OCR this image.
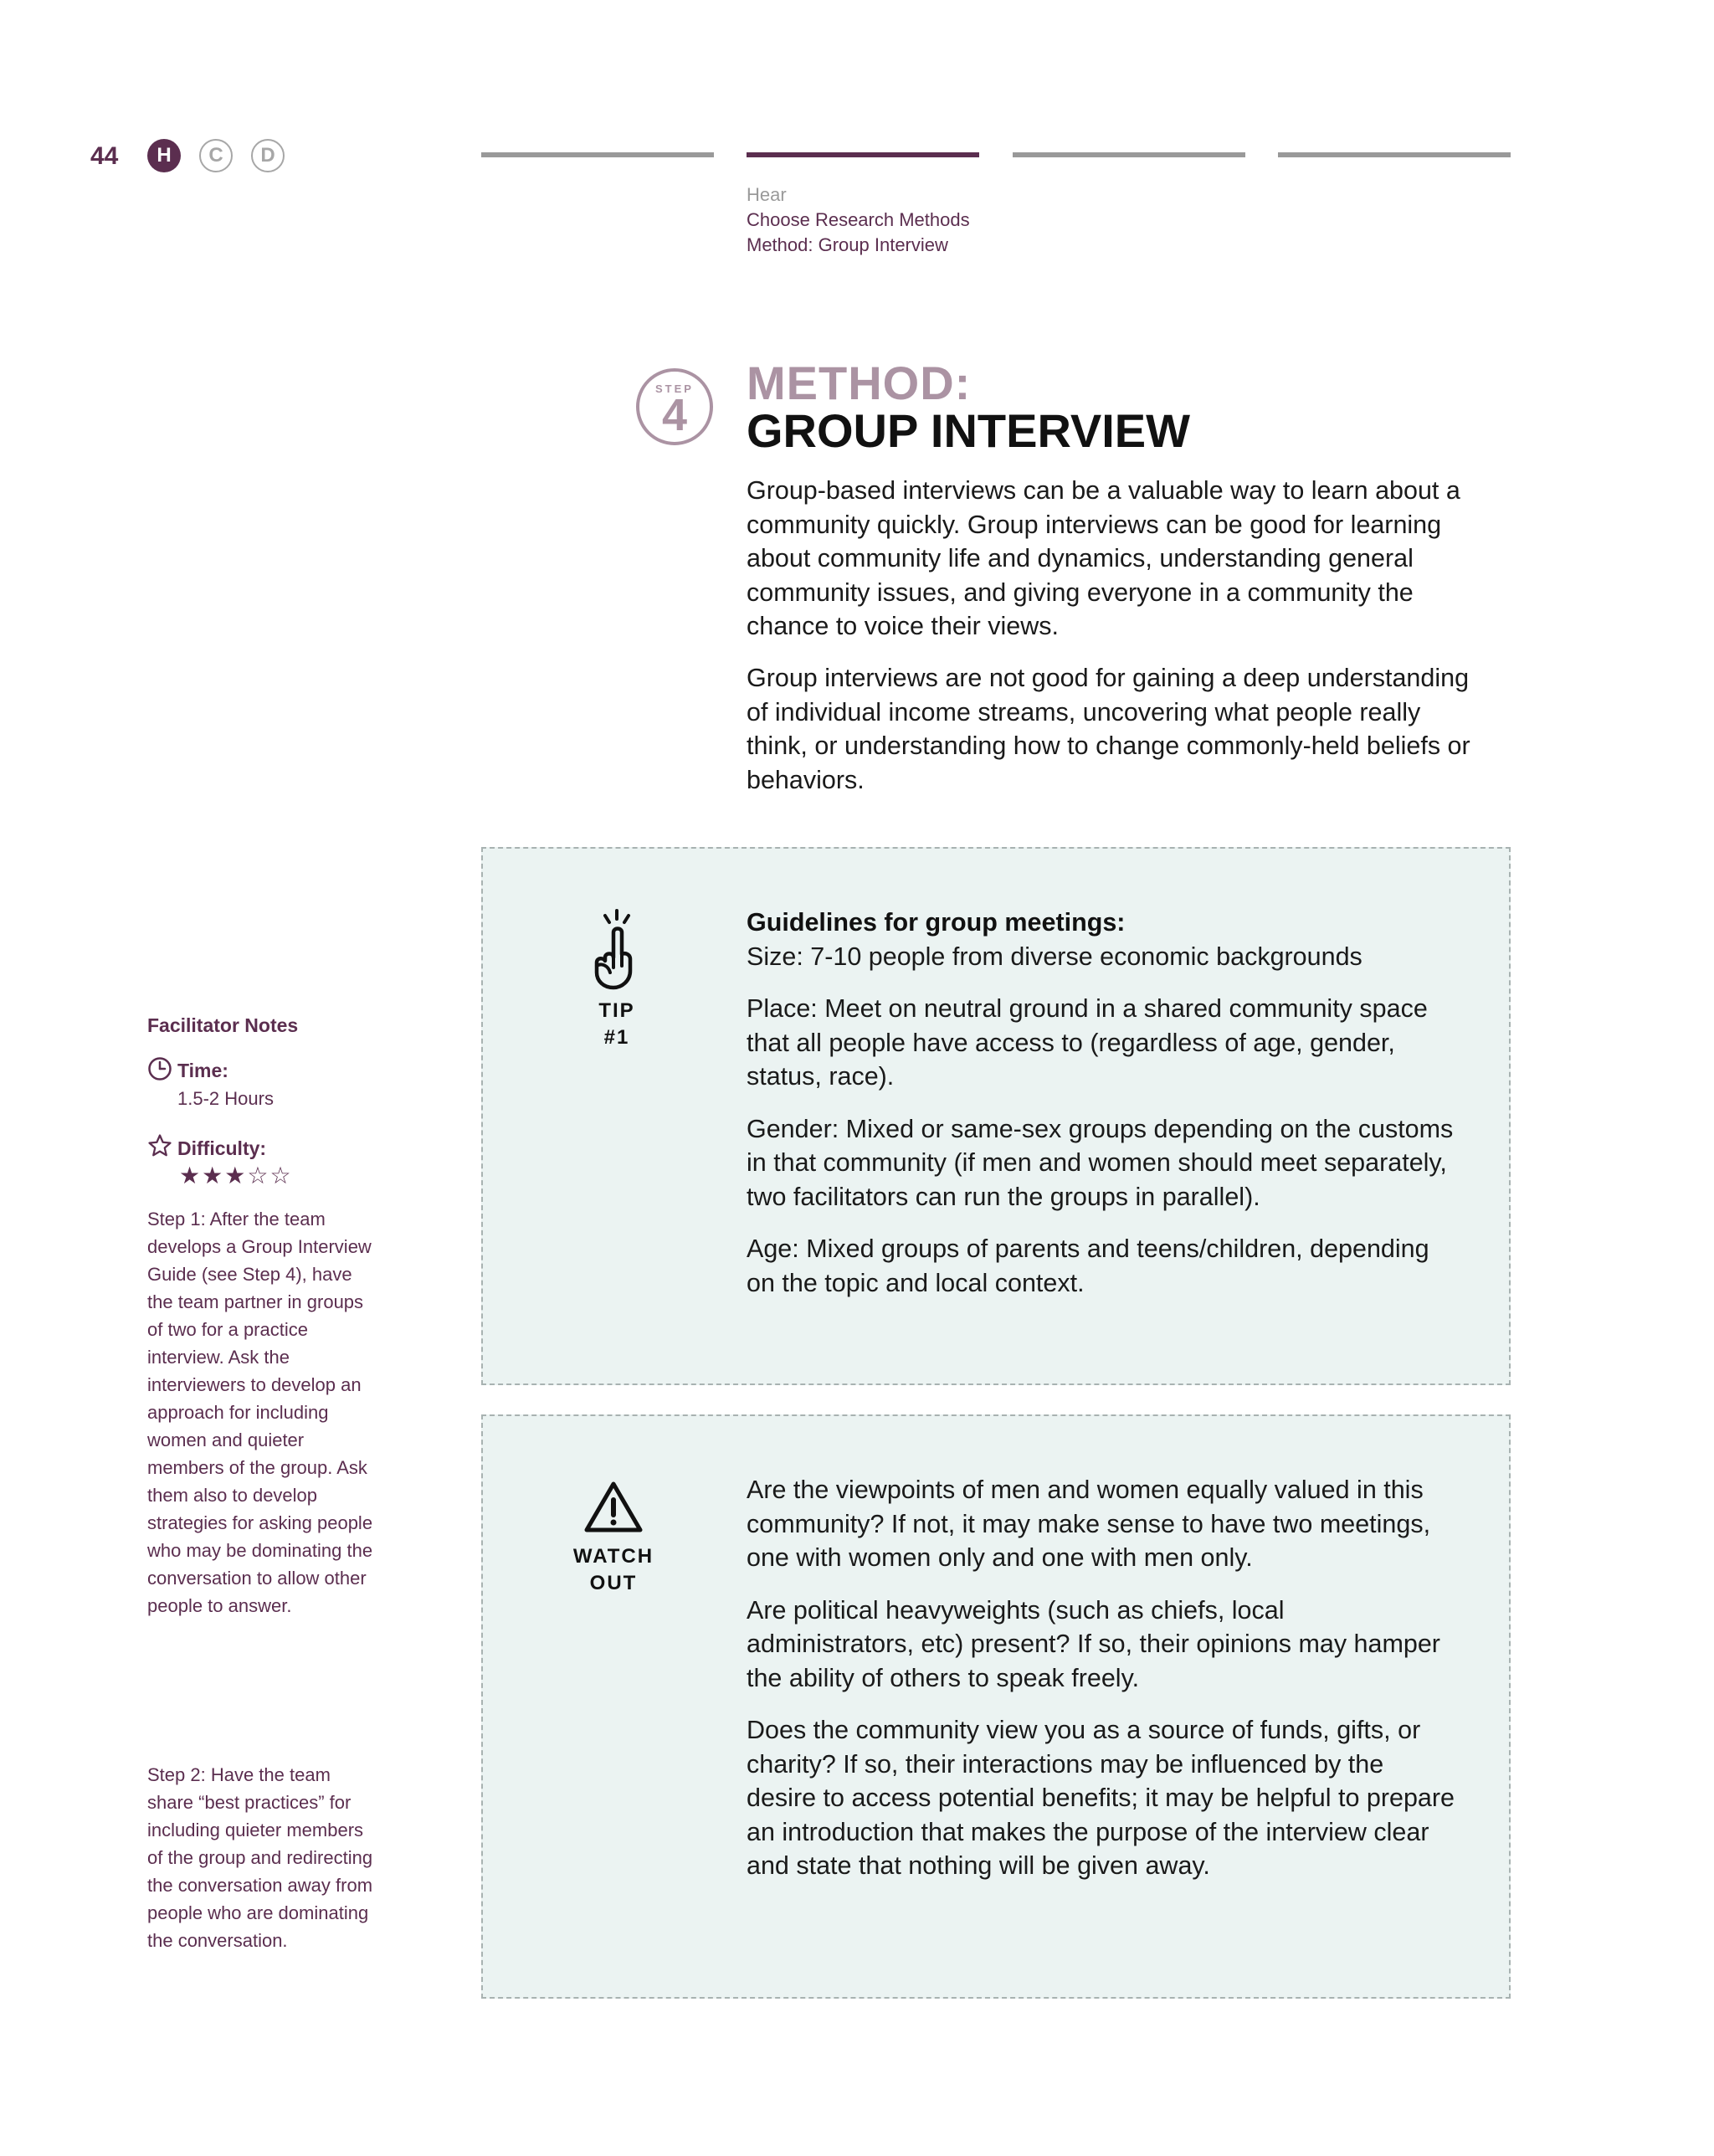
44	H	C	D
Hear
Choose Research Methods
Method: Group Interview
STEP
4
METHOD:
GROUP INTERVIEW
Group-based interviews can be a valuable way to learn about a community quickly. Group interviews can be good for learning about community life and dynamics, understanding general community issues, and giving everyone in a community the chance to voice their views.
Group interviews are not good for gaining a deep understanding of individual income streams, uncovering what people really think, or understanding how to change commonly-held beliefs or behaviors.
TIP
#1
Guidelines for group meetings:
Size: 7-10 people from diverse economic backgrounds
Place: Meet on neutral ground in a shared community space that all people have access to (regardless of age, gender, status, race).
Gender: Mixed or same-sex groups depending on the customs in that community (if men and women should meet separately, two facilitators can run the groups in parallel).
Age: Mixed groups of parents and teens/children, depending on the topic and local context.
WATCH
OUT
Are the viewpoints of men and women equally valued in this community? If not, it may make sense to have two meetings, one with women only and one with men only.
Are political heavyweights (such as chiefs, local administrators, etc) present? If so, their opinions may hamper the ability of others to speak freely.
Does the community view you as a source of funds, gifts, or charity? If so, their interactions may be influenced by the desire to access potential benefits; it may be helpful to prepare an introduction that makes the purpose of the interview clear and state that nothing will be given away.
Facilitator Notes
Time:
1.5-2 Hours
Difficulty:
★★★☆☆
Step 1: After the team develops a Group Interview Guide (see Step 4), have the team partner in groups of two for a practice interview. Ask the interviewers to develop an approach for including women and quieter members of the group. Ask them also to develop strategies for asking people who may be dominating the conversation to allow other people to answer.
Step 2: Have the team share “best practices” for including quieter members of the group and redirecting the conversation away from people who are dominating the conversation.
